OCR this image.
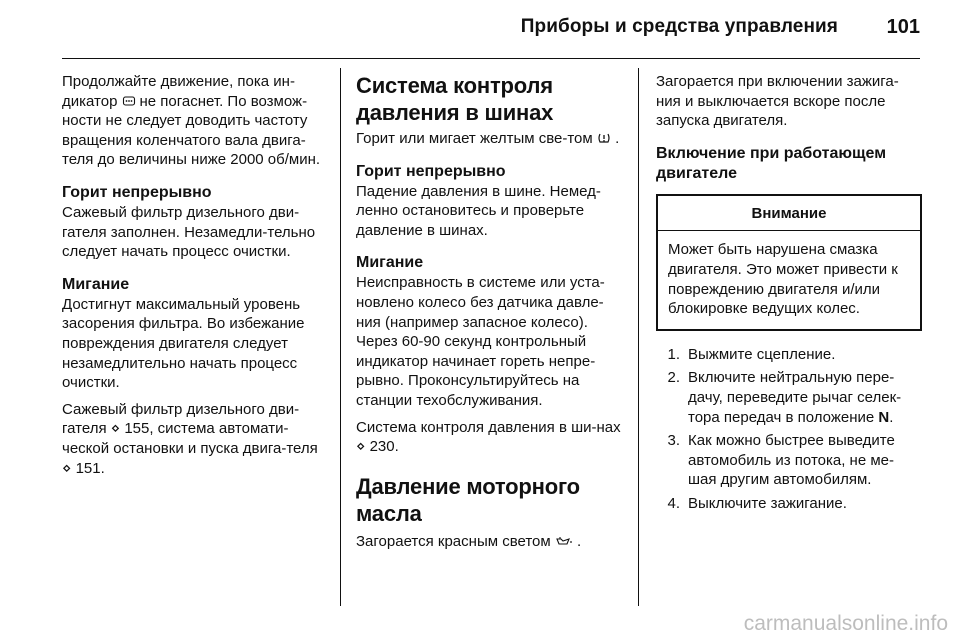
Приборы и средства управления 101

Продолжайте движение, пока ин-дикатор не погаснет. По возмож-ности не следует доводить частоту вращения коленчатого вала двига-теля до величины ниже 2000 об/мин.

Горит непрерывно

Сажевый фильтр дизельного дви-гателя заполнен. Незамедли-тельно следует начать процесс очистки.

Мигание

Достигнут максимальный уровень засорения фильтра. Во избежание повреждения двигателя следует незамедлительно начать процесс очистки.

Сажевый фильтр дизельного дви-гателя ⋄ 155, система автомати-ческой остановки и пуска двига-теля ⋄ 151.

Система контроля давления в шинах

Горит или мигает желтым све-том .

Горит непрерывно

Падение давления в шине. Немед-ленно остановитесь и проверьте давление в шинах.

Мигание

Неисправность в системе или уста-новлено колесо без датчика давле-ния (например запасное колесо). Через 60-90 секунд контрольный индикатор начинает гореть непре-рывно. Проконсультируйтесь на станции техобслуживания.

Система контроля давления в ши-нах ⋄ 230.

Давление моторного масла

Загорается красным светом .

Загорается при включении зажига-ния и выключается вскоре после запуска двигателя.

Включение при работающем двигателе
Внимание
Может быть нарушена смазка двигателя. Это может привести к повреждению двигателя и/или блокировке ведущих колес.
1. Выжмите сцепление.
2. Включите нейтральную пере-дачу, переведите рычаг селек-тора передач в положение N.
3. Как можно быстрее выведите автомобиль из потока, не ме-шая другим автомобилям.
4. Выключите зажигание.
carmanualsonline.info
